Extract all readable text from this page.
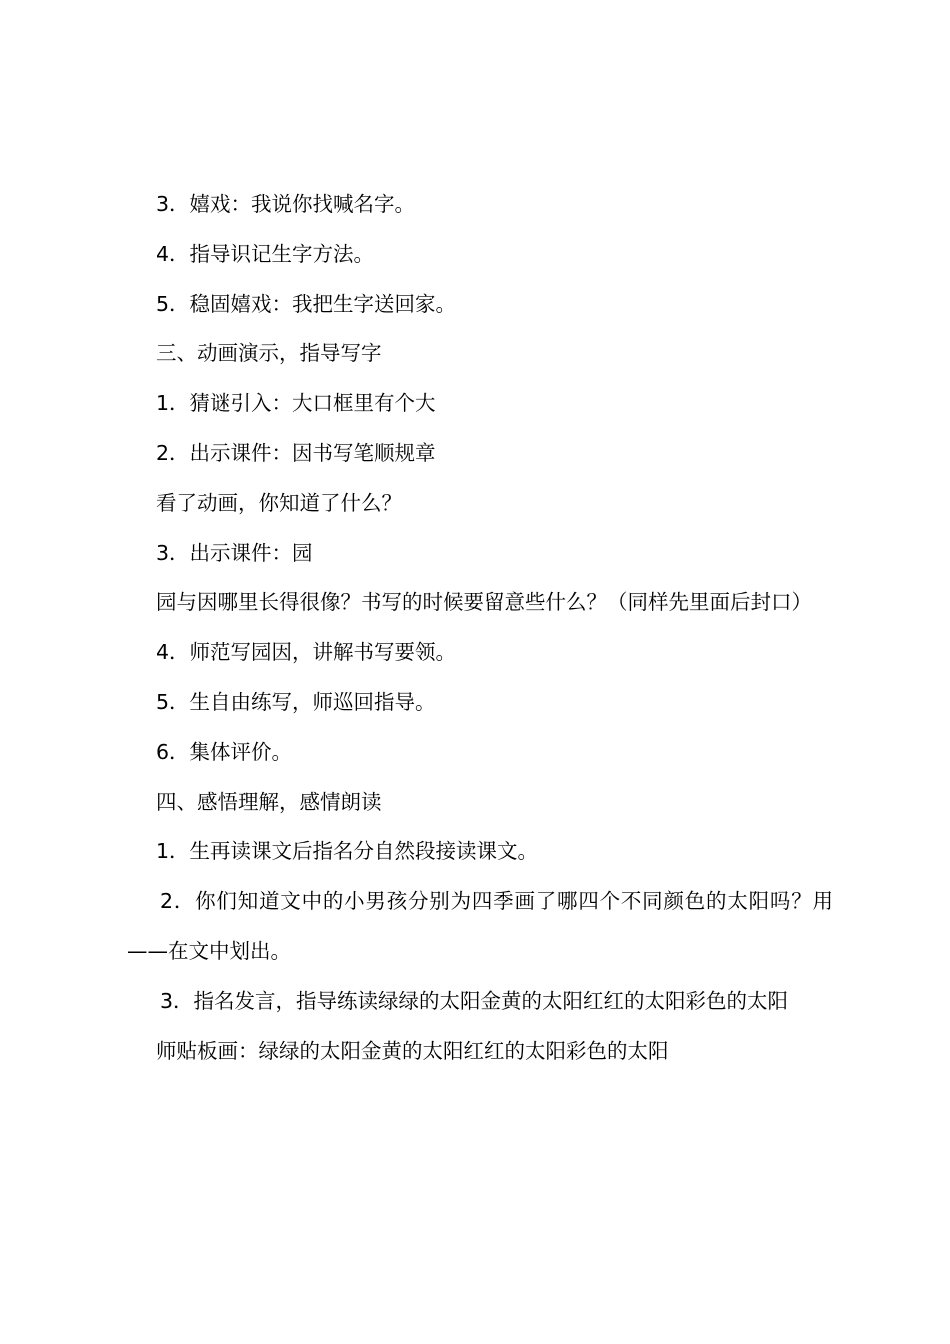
3．嬉戏：我说你找喊名字。

4．指导识记生字方法。

5．稳固嬉戏：我把生字送回家。

三、动画演示，指导写字

1．猜谜引入：大口框里有个大

2．出示课件：因书写笔顺规章

看了动画，你知道了什么？

3．出示课件：园

园与因哪里长得很像？书写的时候要留意些什么？（同样先里面后封口）

4．师范写园因，讲解书写要领。

5．生自由练写，师巡回指导。

6．集体评价。

四、感悟理解，感情朗读

1．生再读课文后指名分自然段接读课文。

2．你们知道文中的小男孩分别为四季画了哪四个不同颜色的太阳吗？用——在文中划出。

3．指名发言，指导练读绿绿的太阳金黄的太阳红红的太阳彩色的太阳

师贴板画：绿绿的太阳金黄的太阳红红的太阳彩色的太阳
